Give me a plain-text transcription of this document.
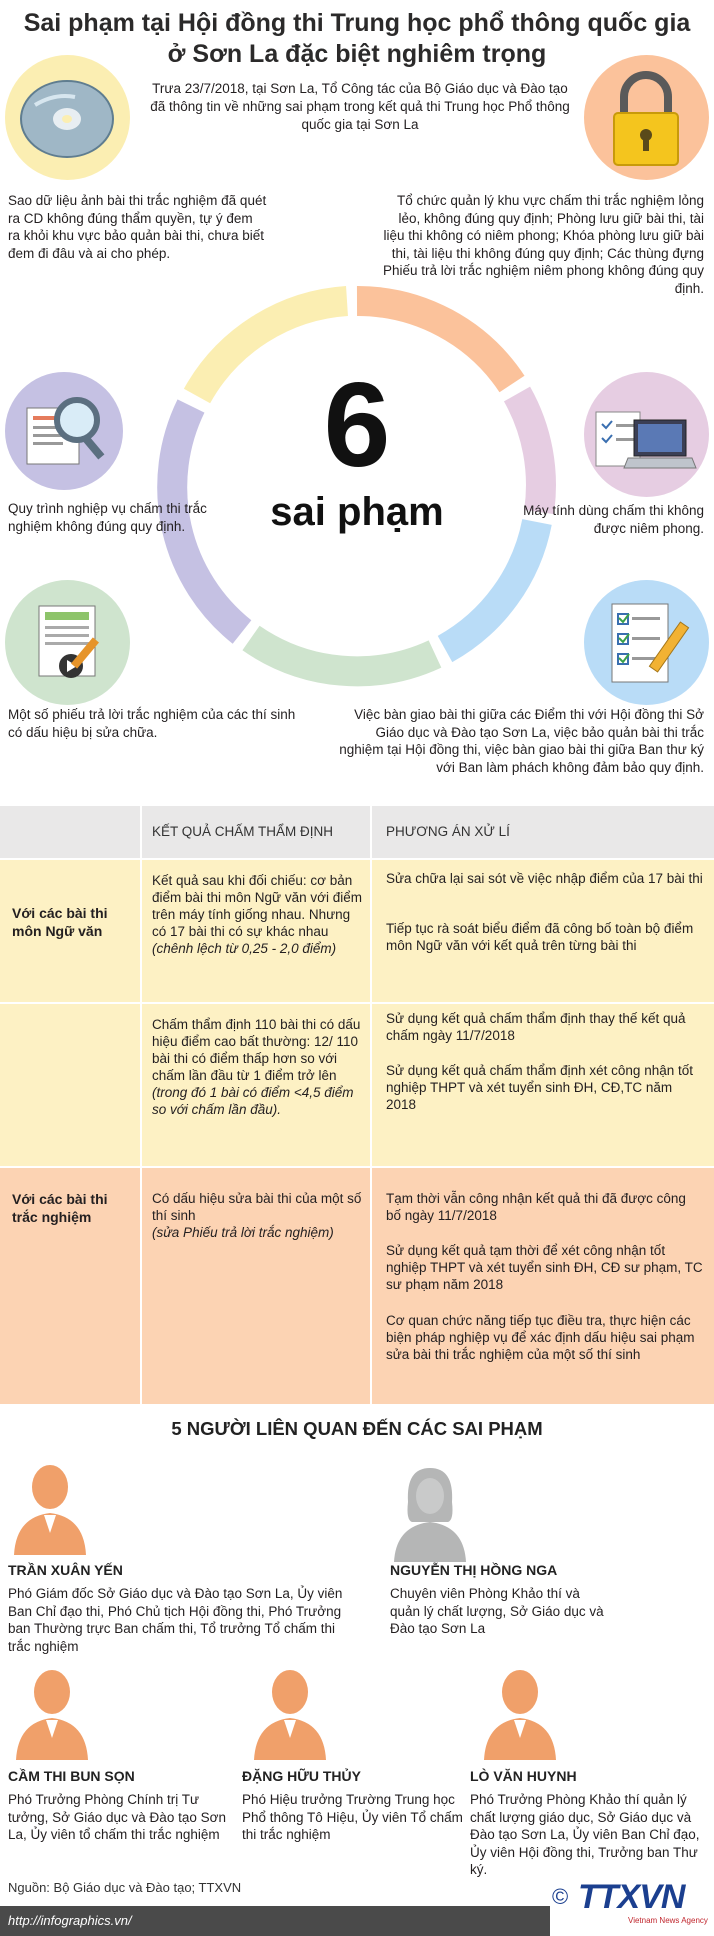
Sai phạm tại Hội đồng thi Trung học phổ thông quốc gia ở Sơn La đặc biệt nghiêm trọng
Trưa 23/7/2018, tại Sơn La, Tổ Công tác của Bộ Giáo dục và Đào tạo đã thông tin về những sai phạm trong kết quả thi Trung học Phổ thông quốc gia tại Sơn La
6
sai phạm
Sao dữ liệu ảnh bài thi trắc nghiệm đã quét ra CD không đúng thẩm quyền, tự ý đem ra khỏi khu vực bảo quản bài thi, chưa biết đem đi đâu và ai cho phép.
Tổ chức quản lý khu vực chấm thi trắc nghiệm lỏng lẻo, không đúng quy định; Phòng lưu giữ bài thi, tài liệu thi không có niêm phong; Khóa phòng lưu giữ bài thi, tài liệu thi không đúng quy định; Các thùng đựng Phiếu trả lời trắc nghiệm niêm phong không đúng quy định.
Quy trình nghiệp vụ chấm thi trắc nghiệm không đúng quy định.
Máy tính dùng chấm thi không được niêm phong.
Một số phiếu trả lời trắc nghiệm của các thí sinh có dấu hiệu bị sửa chữa.
Việc bàn giao bài thi giữa các Điểm thi với Hội đồng thi Sở Giáo dục và Đào tạo Sơn La, việc bảo quản bài thi trắc nghiệm tại Hội đồng thi, việc bàn giao bài thi giữa Ban thư ký với Ban làm phách không đảm bảo quy định.
KẾT QUẢ CHẤM THẨM ĐỊNH	PHƯƠNG ÁN XỬ LÍ
Với các bài thi môn Ngữ văn
Kết quả sau khi đối chiếu: cơ bản điểm bài thi môn Ngữ văn với điểm trên máy tính giống nhau. Nhưng có 17 bài thi có sự khác nhau
(chênh lệch từ 0,25 - 2,0 điểm)
Sửa chữa lại sai sót về việc nhập điểm của 17 bài thi
Tiếp tục rà soát biểu điểm đã công bố toàn bộ điểm môn Ngữ văn với kết quả trên từng bài thi
Chấm thẩm định 110 bài thi có dấu hiệu điểm cao bất thường: 12/ 110 bài thi có điểm thấp hơn so với chấm lần đầu từ 1 điểm trở lên (trong đó 1 bài có điểm <4,5 điểm so với chấm lần đầu).
Sử dụng kết quả chấm thẩm định thay thế kết quả chấm ngày 11/7/2018
Sử dụng kết quả chấm thẩm định xét công nhận tốt nghiệp THPT và xét tuyển sinh ĐH, CĐ,TC năm 2018
Với các bài thi trắc nghiệm
Có dấu hiệu sửa bài thi của một số thí sinh
(sửa Phiếu trả lời trắc nghiệm)
Tạm thời vẫn công nhận kết quả thi đã được công bố ngày 11/7/2018
Sử dụng kết quả tạm thời để xét công nhận tốt nghiệp THPT và xét tuyển sinh ĐH, CĐ sư phạm, TC sư phạm năm 2018
Cơ quan chức năng tiếp tục điều tra, thực hiện các biện pháp nghiệp vụ để xác định dấu hiệu sai phạm sửa bài thi trắc nghiệm của một số thí sinh
5 NGƯỜI LIÊN QUAN ĐẾN CÁC SAI PHẠM
TRẦN XUÂN YẾN
Phó Giám đốc Sở Giáo dục và Đào tạo Sơn La, Ủy viên Ban Chỉ đạo thi, Phó Chủ tịch Hội đồng thi, Phó Trưởng ban Thường trực Ban chấm thi, Tổ trưởng Tổ chấm thi trắc nghiệm
NGUYỄN THỊ HỒNG NGA
Chuyên viên Phòng Khảo thí và quản lý chất lượng, Sở Giáo dục và Đào tạo Sơn La
CẦM THI BUN SỌN
Phó Trưởng Phòng Chính trị Tư tưởng, Sở Giáo dục và Đào tạo Sơn La, Ủy viên tổ chấm thi trắc nghiệm
ĐẶNG HỮU THỦY
Phó Hiệu trưởng Trường Trung học Phổ thông Tô Hiệu, Ủy viên Tổ chấm thi trắc nghiệm
LÒ VĂN HUYNH
Phó Trưởng Phòng Khảo thí quản lý chất lượng giáo dục, Sở Giáo dục và Đào tạo Sơn La, Ủy viên Ban Chỉ đạo, Ủy viên Hội đồng thi, Trưởng ban Thư ký.
Nguồn: Bộ Giáo dục và Đào tạo; TTXVN
http://infographics.vn/
© TTXVN
Vietnam News Agency
